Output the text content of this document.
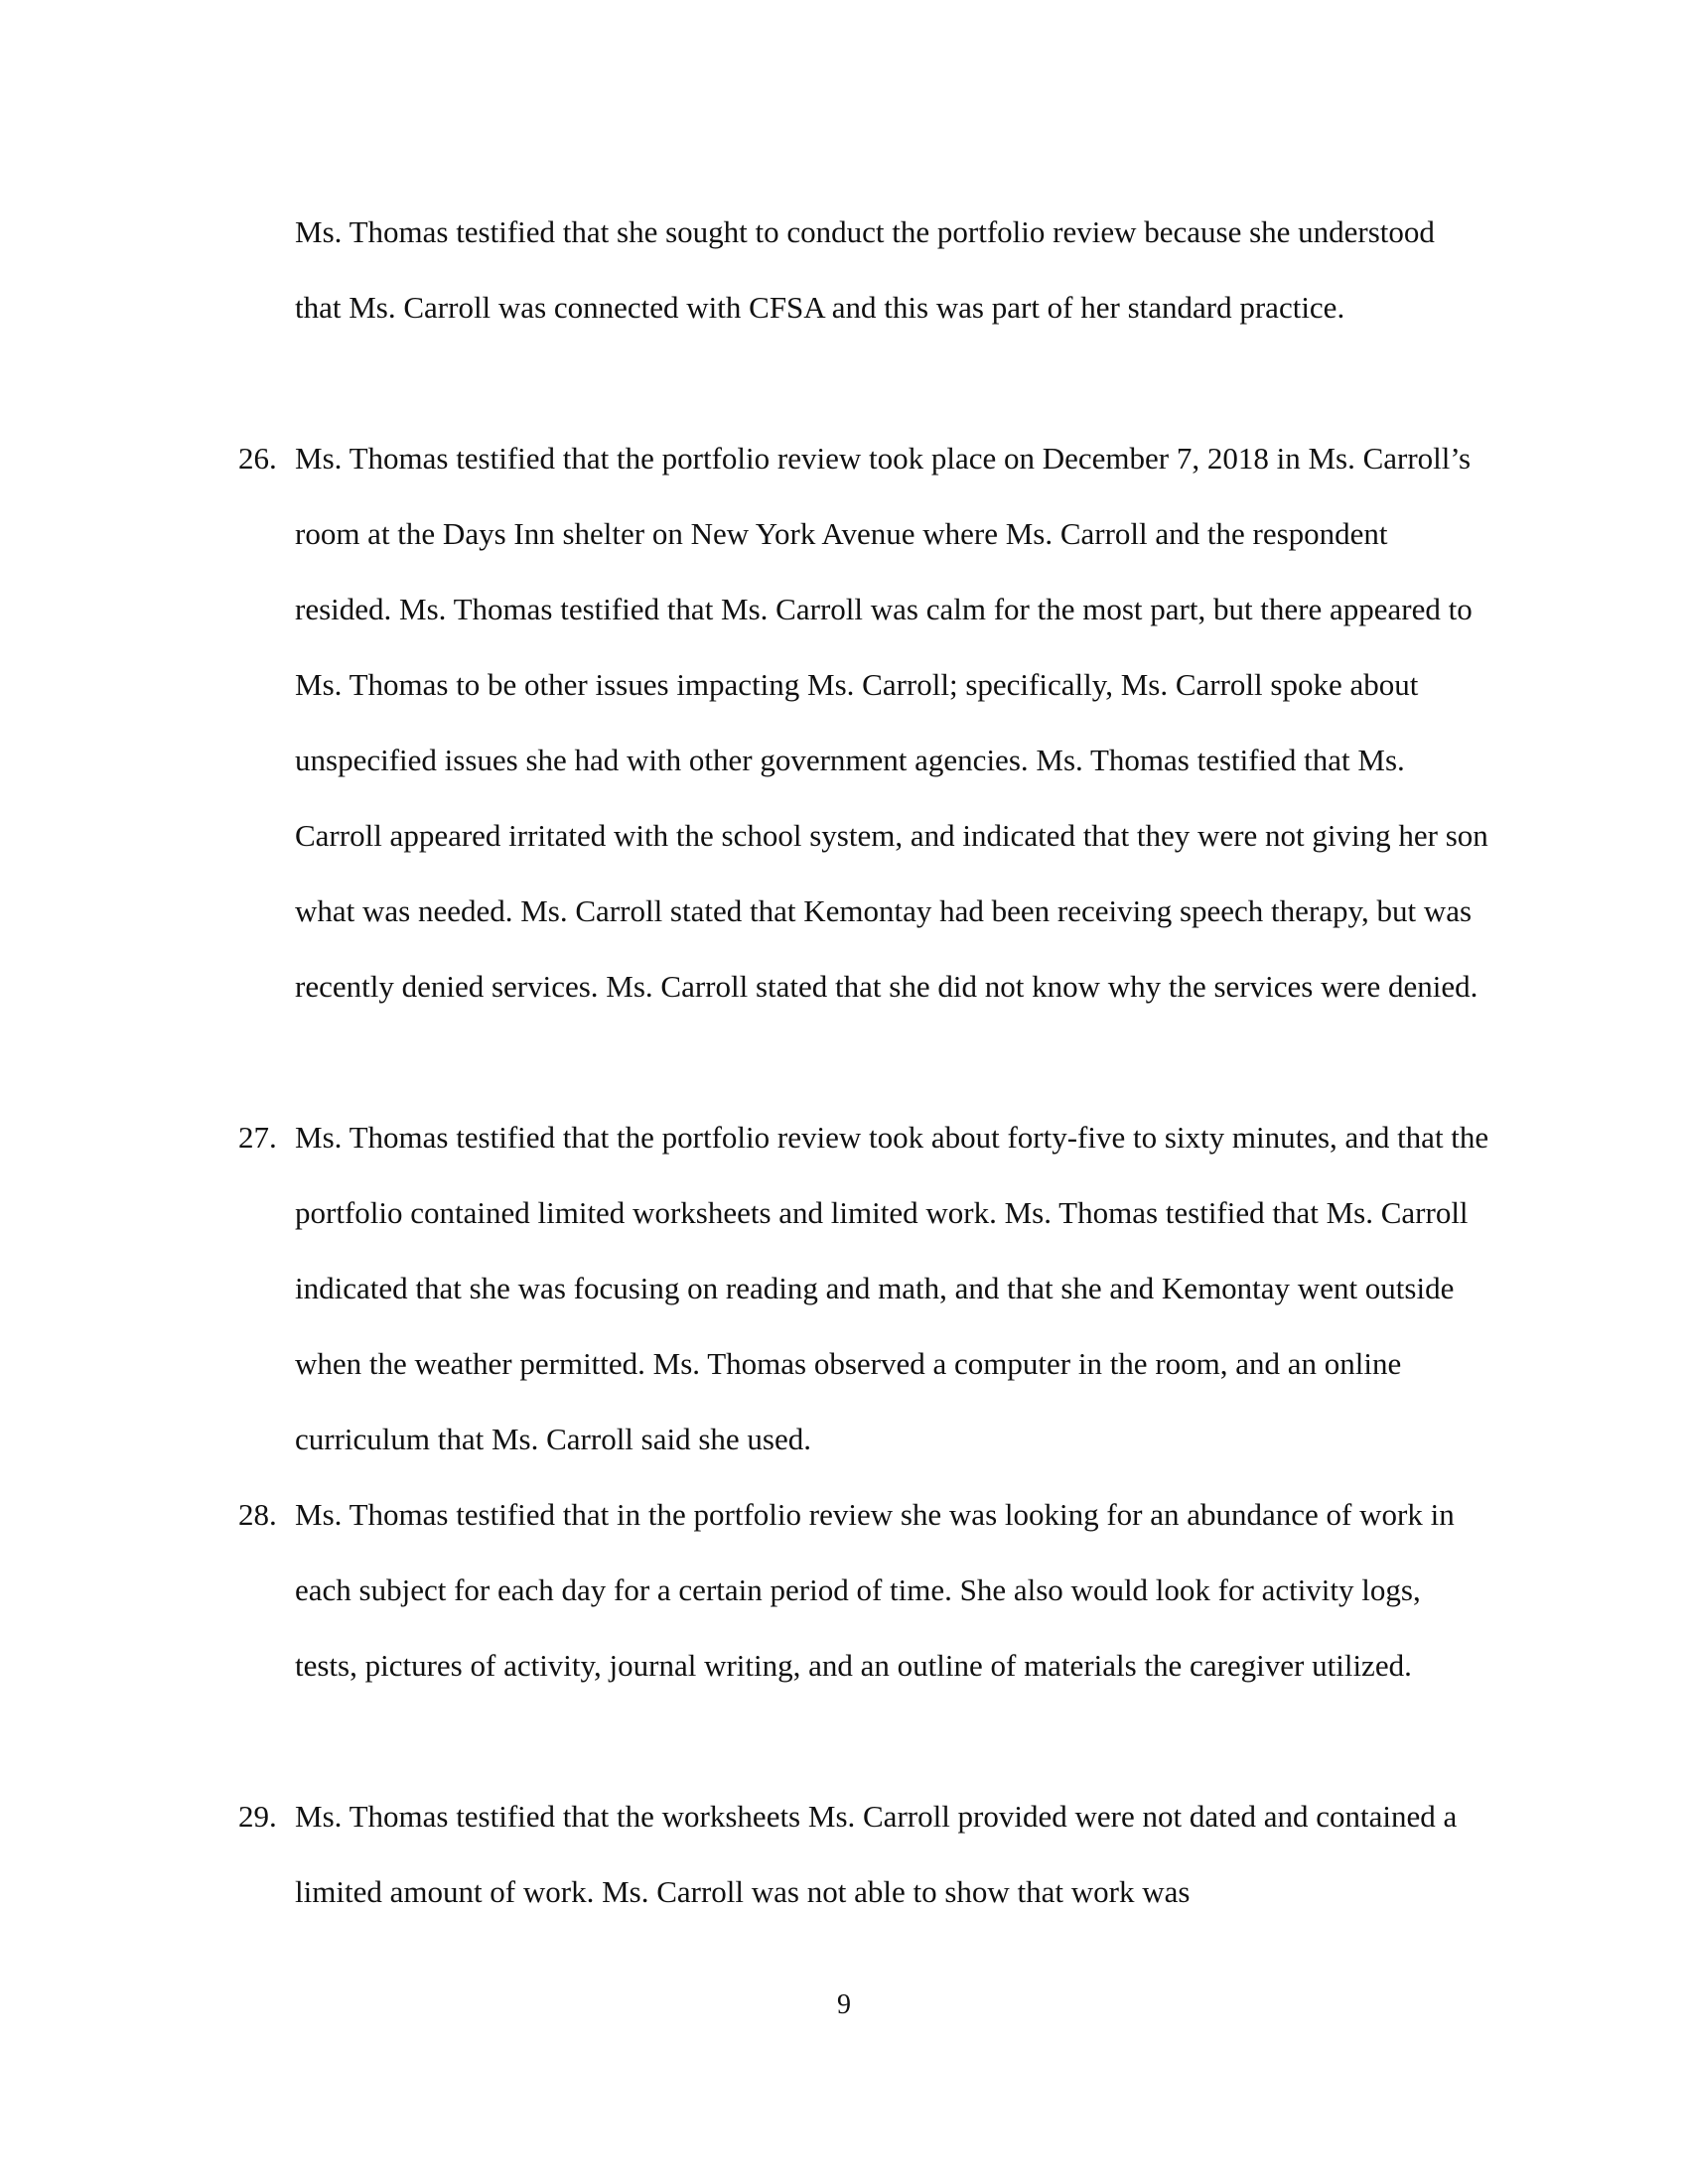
Ms. Thomas testified that she sought to conduct the portfolio review because she understood that Ms. Carroll was connected with CFSA and this was part of her standard practice.

26. Ms. Thomas testified that the portfolio review took place on December 7, 2018 in Ms. Carroll’s room at the Days Inn shelter on New York Avenue where Ms. Carroll and the respondent resided. Ms. Thomas testified that Ms. Carroll was calm for the most part, but there appeared to Ms. Thomas to be other issues impacting Ms. Carroll; specifically, Ms. Carroll spoke about unspecified issues she had with other government agencies. Ms. Thomas testified that Ms. Carroll appeared irritated with the school system, and indicated that they were not giving her son what was needed. Ms. Carroll stated that Kemontay had been receiving speech therapy, but was recently denied services. Ms. Carroll stated that she did not know why the services were denied.
27. Ms. Thomas testified that the portfolio review took about forty-five to sixty minutes, and that the portfolio contained limited worksheets and limited work. Ms. Thomas testified that Ms. Carroll indicated that she was focusing on reading and math, and that she and Kemontay went outside when the weather permitted. Ms. Thomas observed a computer in the room, and an online curriculum that Ms. Carroll said she used.
28. Ms. Thomas testified that in the portfolio review she was looking for an abundance of work in each subject for each day for a certain period of time. She also would look for activity logs, tests, pictures of activity, journal writing, and an outline of materials the caregiver utilized.
29. Ms. Thomas testified that the worksheets Ms. Carroll provided were not dated and contained a limited amount of work. Ms. Carroll was not able to show that work was

9
